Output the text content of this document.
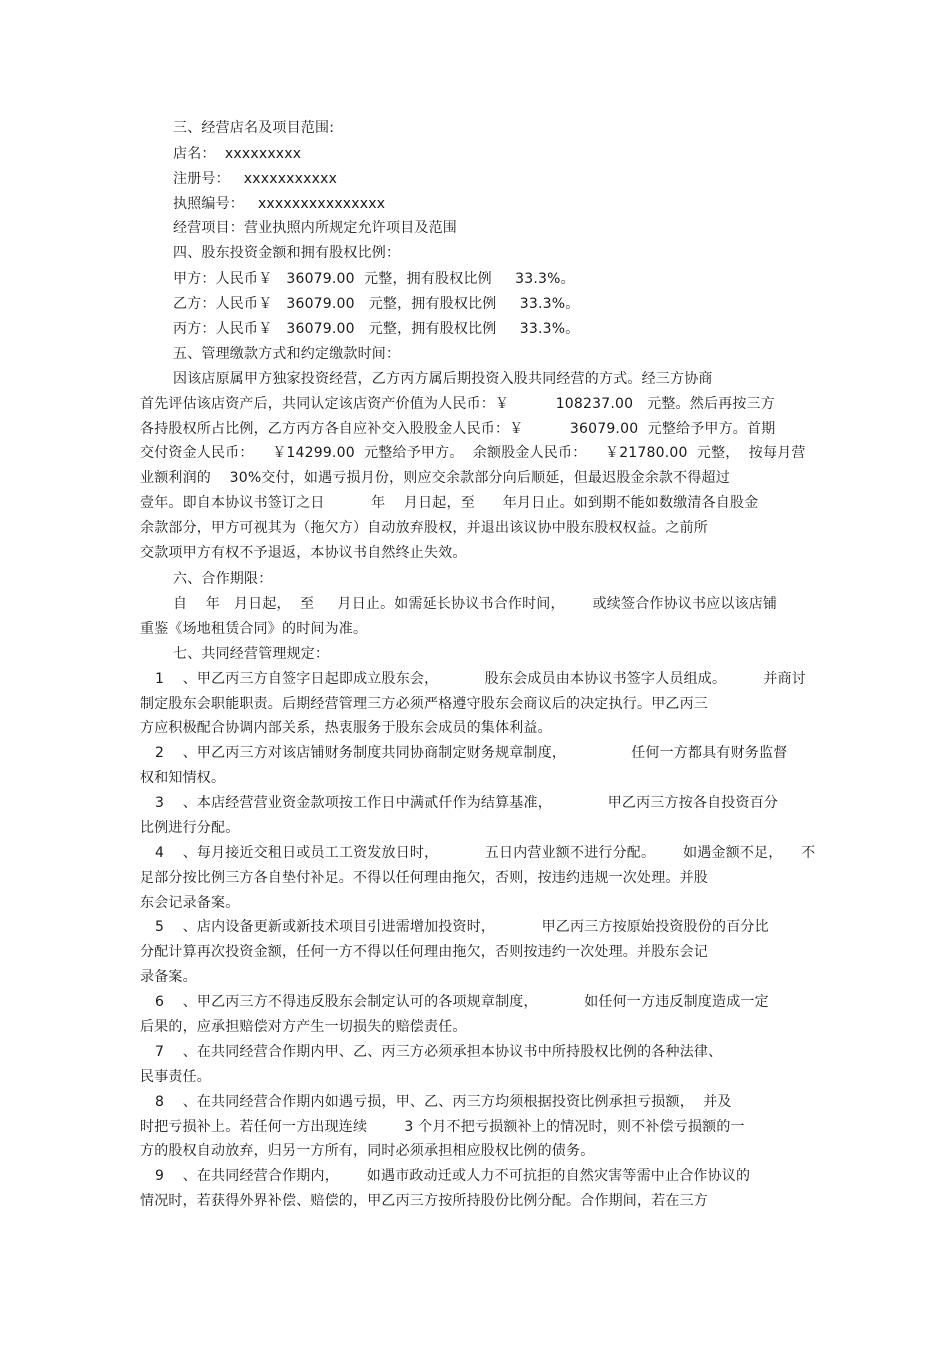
三、经营店名及项目范围:
店名：  xxxxxxxxx
注册号：   xxxxxxxxxxx
执照编号：   xxxxxxxxxxxxxxx
经营项目：营业执照内所规定允许项目及范围
四、股东投资金额和拥有股权比例：
甲方：人民币￥   36079.00  元整，拥有股权比例     33.3%。
乙方：人民币￥   36079.00   元整，拥有股权比例     33.3%。
丙方：人民币￥   36079.00   元整，拥有股权比例     33.3%。
五、管理缴款方式和约定缴款时间：
因该店原属甲方独家投资经营，乙方丙方属后期投资入股共同经营的方式。经三方协商
首先评估该店资产后，共同认定该店资产价值为人民币：￥          108237.00   元整。然后再按三方
各持股权所占比例，乙方丙方各自应补交入股股金人民币：￥          36079.00  元整给予甲方。首期
交付资金人民币：    ￥14299.00  元整给予甲方。  余额股金人民币：    ￥21780.00  元整，  按每月营
业额利润的    30%交付，如遇亏损月份，则应交余款部分向后顺延，但最迟股金余款不得超过
壹年。即自本协议书签订之日          年    月日起，至      年月日止。如到期不能如数缴清各自股金
余款部分，甲方可视其为（拖欠方）自动放弃股权，并退出该议协中股东股权权益。之前所
交款项甲方有权不予退返，本协议书自然终止失效。
六、合作期限：
自    年   月日起，  至     月日止。如需延长协议书合作时间，      或续签合作协议书应以该店铺
重鉴《场地租赁合同》的时间为准。
七、共同经营管理规定：
1    、甲乙丙三方自签字日起即成立股东会，          股东会成员由本协议书签字人员组成。        并商讨
制定股东会职能职责。后期经营管理三方必须严格遵守股东会商议后的决定执行。甲乙丙三
方应积极配合协调内部关系，热衷服务于股东会成员的集体利益。
2    、甲乙丙三方对该店铺财务制度共同协商制定财务规章制度，              任何一方都具有财务监督
权和知情权。
3    、本店经营营业资金款项按工作日中满贰仟作为结算基准，            甲乙丙三方按各自投资百分
比例进行分配。
4    、每月接近交租日或员工工资发放日时，          五日内营业额不进行分配。      如遇金额不足，    不
足部分按比例三方各自垫付补足。不得以任何理由拖欠，否则，按违约违规一次处理。并股
东会记录备案。
5    、店内设备更新或新技术项目引进需增加投资时，          甲乙丙三方按原始投资股份的百分比
分配计算再次投资金额，任何一方不得以任何理由拖欠，否则按违约一次处理。并股东会记
录备案。
6    、甲乙丙三方不得违反股东会制定认可的各项规章制度，          如任何一方违反制度造成一定
后果的，应承担赔偿对方产生一切损失的赔偿责任。
7    、在共同经营合作期内甲、乙、丙三方必须承担本协议书中所持股权比例的各种法律、
民事责任。
8    、在共同经营合作期内如遇亏损，甲、乙、丙三方均须根据投资比例承担亏损额，  并及
时把亏损补上。若任何一方出现连续        3 个月不把亏损额补上的情况时，则不补偿亏损额的一
方的股权自动放弃，归另一方所有，同时必须承担相应股权比例的债务。
9    、在共同经营合作期内，      如遇市政动迁或人力不可抗拒的自然灾害等需中止合作协议的
情况时，若获得外界补偿、赔偿的，甲乙丙三方按所持股份比例分配。合作期间，若在三方
